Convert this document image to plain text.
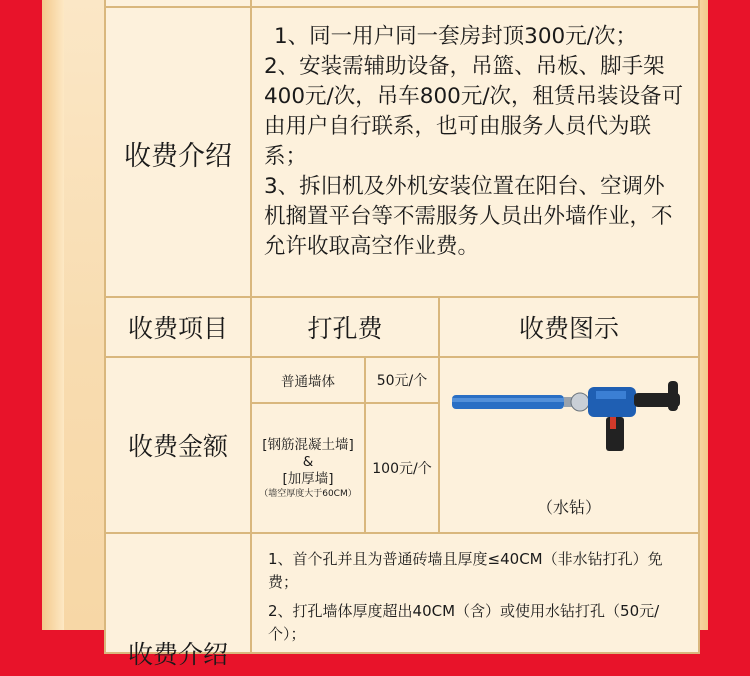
收费介绍	1、同一用户同一套房封顶300元/次；

2、安装需辅助设备，吊篮、吊板、脚手架400元/次，吊车800元/次，租赁吊装设备可由用户自行联系，也可由服务人员代为联系；

3、拆旧机及外机安装位置在阳台、空调外机搁置平台等不需服务人员出外墙作业，不允许收取高空作业费。

收费项目	打孔费		收费图示
收费金额	普通墙体	50元/个	（水钻）

	[钢筋混凝土墙]
&
[加厚墙]
（墙空厚度大于60CM）	100元/个	

收费介绍	1、首个孔并且为普通砖墙且厚度≤40CM（非水钻打孔）免费；

2、打孔墙体厚度超出40CM（含）或使用水钻打孔（50元/个）；		
